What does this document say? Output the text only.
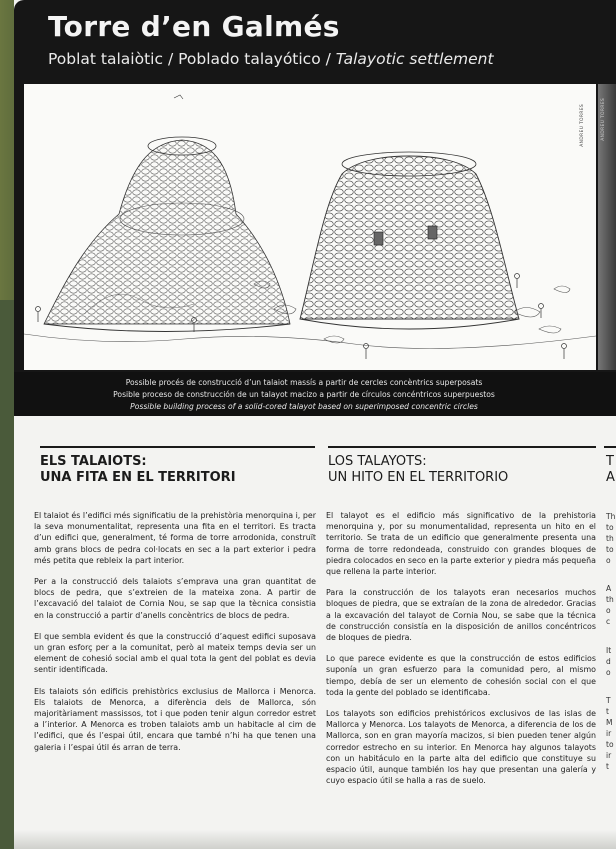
Torre d’en Galmés
Poblat talaiòtic / Poblado talayótico / Talayotic settlement
ANDREU TORRES	ANDREU TORRES
Possible procés de construcció d’un talaiot massís a partir de cercles concèntrics superposats
Posible proceso de construcción de un talayot macizo a partir de círculos concéntricos superpuestos
Possible building process of a solid-cored talayot based on superimposed concentric circles
ELS TALAIOTS:
UNA FITA EN EL TERRITORI

El talaiot és l’edifici més significatiu de la prehistòria menorquina i, per la seva monumentalitat, representa una fita en el territori. Es tracta d’un edifici que, generalment, té forma de torre arrodonida, construït amb grans blocs de pedra col·locats en sec a la part exterior i pedra més petita que rebleix la part interior.

Per a la construcció dels talaiots s’emprava una gran quantitat de blocs de pedra, que s’extreien de la mateixa zona. A partir de l’excavació del talaiot de Cornia Nou, se sap que la tècnica consistia en la construcció a partir d’anells concèntrics de blocs de pedra.

El que sembla evident és que la construcció d’aquest edifici suposava un gran esforç per a la comunitat, però al mateix temps devia ser un element de cohesió social amb el qual tota la gent del poblat es devia sentir identificada.

Els talaiots són edificis prehistòrics exclusius de Mallorca i Menorca. Els talaiots de Menorca, a diferència dels de Mallorca, són majoritàriament massissos, tot i que poden tenir algun corredor estret a l’interior. A Menorca es troben talaiots amb un habitacle al cim de l’edifici, que és l’espai útil, encara que també n’hi ha que tenen una galeria i l’espai útil és arran de terra.

LOS TALAYOTS:
UN HITO EN EL TERRITORIO

El talayot es el edificio más significativo de la prehistoria menorquina y, por su monumentalidad, representa un hito en el territorio. Se trata de un edificio que generalmente presenta una forma de torre redondeada, construido con grandes bloques de piedra colocados en seco en la parte exterior y piedra más pequeña que rellena la parte interior.

Para la construcción de los talayots eran necesarios muchos bloques de piedra, que se extraían de la zona de alrededor. Gracias a la excavación del talayot de Cornia Nou, se sabe que la técnica de construcción consistía en la disposición de anillos concéntricos de bloques de piedra.

Lo que parece evidente es que la construcción de estos edificios suponía un gran esfuerzo para la comunidad pero, al mismo tiempo, debía de ser un elemento de cohesión social con el que toda la gente del poblado se identificaba.

Los talayots son edificios prehistóricos exclusivos de las islas de Mallorca y Menorca. Los talayots de Menorca, a diferencia de los de Mallorca, son en gran mayoría macizos, si bien pueden tener algún corredor estrecho en su interior. En Menorca hay algunos talayots con un habitáculo en la parte alta del edificio que constituye su espacio útil, aunque también los hay que presentan una galería y cuyo espacio útil se halla a ras de suelo.

T
A
Th
to
th
to
o
A
th
o
c
It
d
o
T
t
M
ir
to
ir
t
